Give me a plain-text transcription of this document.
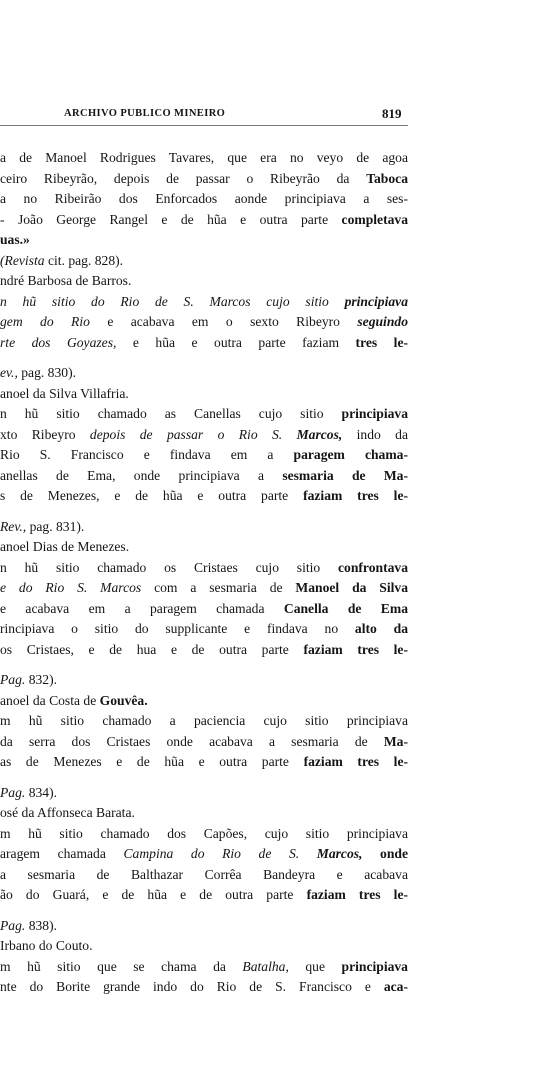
ARCHIVO PUBLICO MINEIRO	819
a de Manoel Rodrigues Tavares, que era no veyo de agoa
ceiro Ribeyrão, depois de passar o Ribeyrão da Taboca
a no Ribeirão dos Enforcados aonde principiava a ses-
- João George Rangel e de hũa e outra parte completava
uas.»
(Revista cit. pag. 828).
ndré Barbosa de Barros.
n hũ sitio do Rio de S. Marcos cujo sitio principiava
gem do Rio e acabava em o sexto Ribeyro seguindo
rte dos Goyazes, e hũa e outra parte faziam tres le-
ev., pag. 830).
anoel da Silva Villafria.
n hũ sitio chamado as Canellas cujo sitio principiava
xto Ribeyro depois de passar o Rio S. Marcos, indo da
Rio S. Francisco e findava em a paragem chama-
anellas de Ema, onde principiava a sesmaria de Ma-
s de Menezes, e de hũa e outra parte faziam tres le-
Rev., pag. 831).
anoel Dias de Menezes.
n hũ sitio chamado os Cristaes cujo sitio confrontava
e do Rio S. Marcos com a sesmaria de Manoel da Silva
e acabava em a paragem chamada Canella de Ema
rincipiava o sitio do supplicante e findava no alto da
os Cristaes, e de hua e de outra parte faziam tres le-
Pag. 832).
anoel da Costa de Gouvêa.
m hũ sitio chamado a paciencia cujo sitio principiava
da serra dos Cristaes onde acabava a sesmaria de Ma-
as de Menezes e de hũa e outra parte faziam tres le-
Pag. 834).
osé da Affonseca Barata.
m hũ sitio chamado dos Capões, cujo sitio principiava
aragem chamada Campina do Rio de S. Marcos, onde
a sesmaria de Balthazar Corrêa Bandeyra e acabava
ão do Guará, e de hũa e de outra parte faziam tres le-
Pag. 838).
Irbano do Couto.
m hũ sitio que se chama da Batalha, que principiava
nte do Borite grande indo do Rio de S. Francisco e aca-
